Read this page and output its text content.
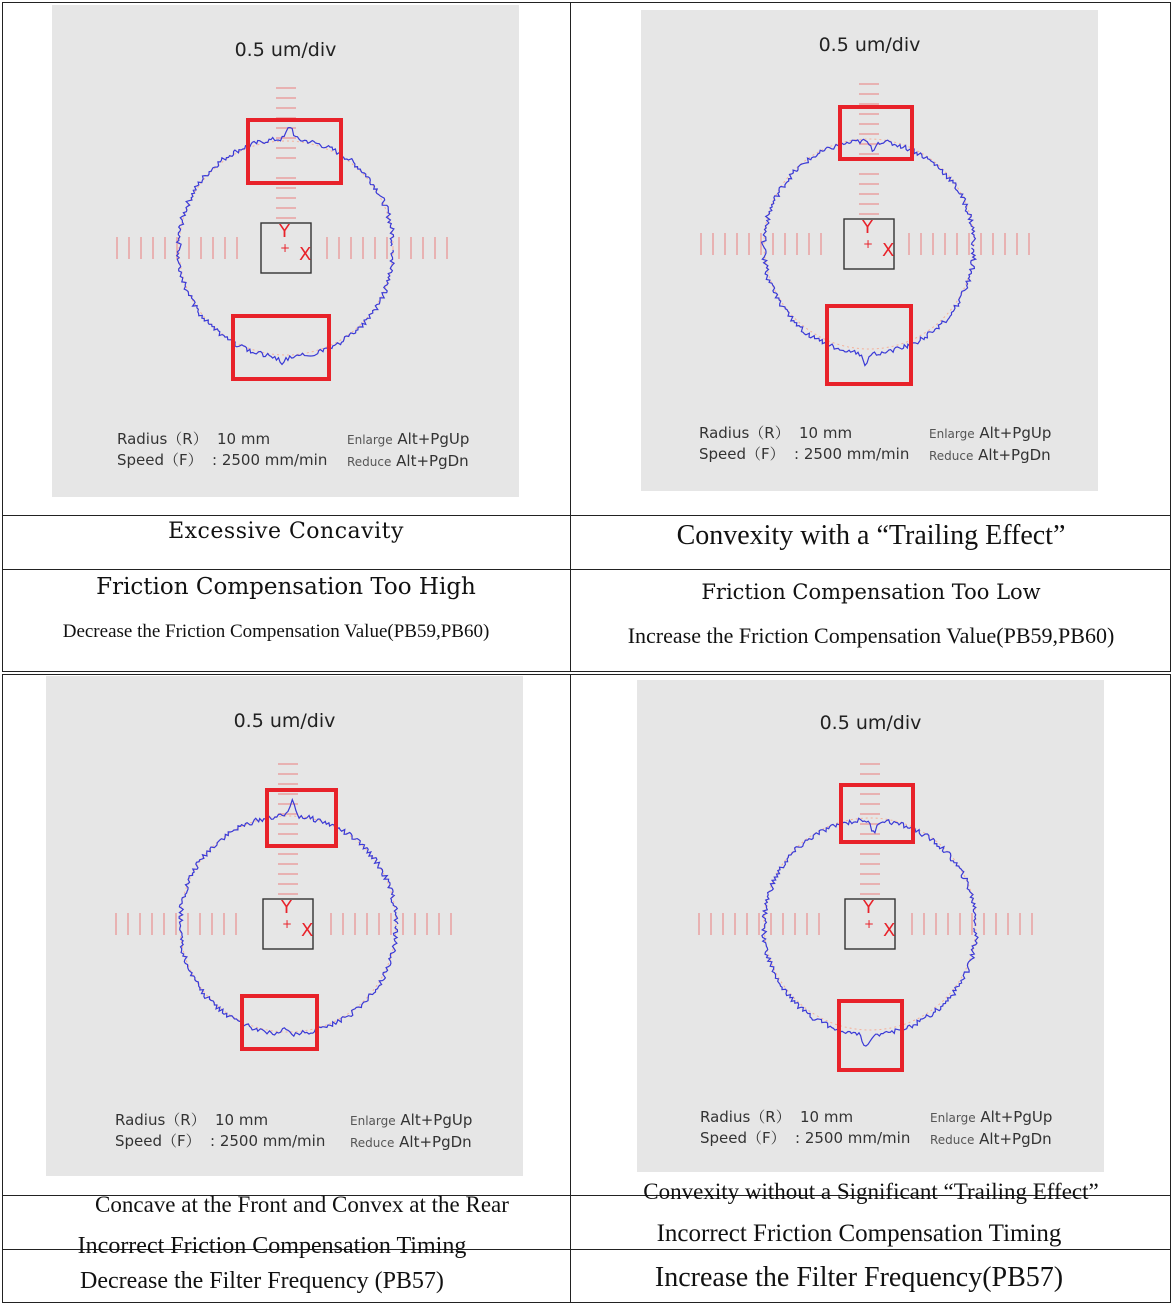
+
Y
X
0.5 um/div
Radius（R） 10 mm
Speed（F） : 2500 mm/min
Enlarge Alt+PgUp
Reduce Alt+PgDn
+
Y
X
0.5 um/div
Radius（R） 10 mm
Speed（F） : 2500 mm/min
Enlarge Alt+PgUp
Reduce Alt+PgDn
+
Y
X
0.5 um/div
Radius（R） 10 mm
Speed（F） : 2500 mm/min
Enlarge Alt+PgUp
Reduce Alt+PgDn
+
Y
X
0.5 um/div
Radius（R） 10 mm
Speed（F） : 2500 mm/min
Enlarge Alt+PgUp
Reduce Alt+PgDn
Excessive Concavity
Friction Compensation Too High
Decrease the Friction Compensation Value(PB59,PB60)
Convexity with a “Trailing Effect”
Friction Compensation Too Low
Increase the Friction Compensation Value(PB59,PB60)
Concave at the Front and Convex at the Rear
Incorrect Friction Compensation Timing
Decrease the Filter Frequency (PB57)
Convexity without a Significant “Trailing Effect”
Incorrect Friction Compensation Timing
Increase the Filter Frequency(PB57)
